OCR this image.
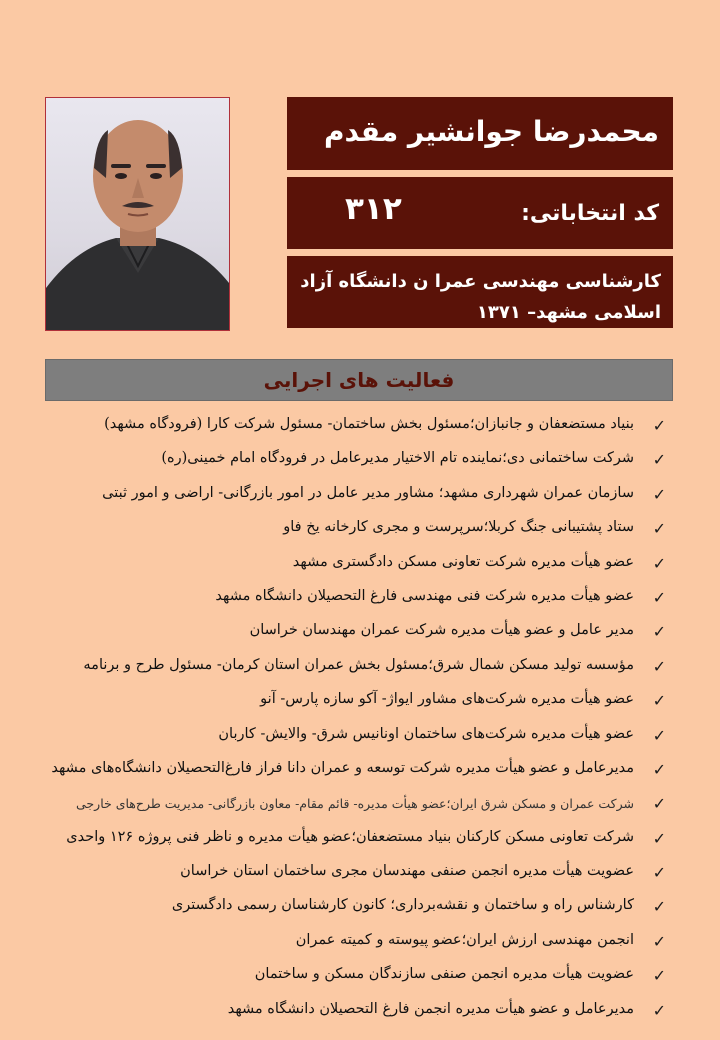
محمدرضا جوانشیر مقدم
کد انتخاباتی:
۳۱۲
کارشناسی مهندسی عمرا ن دانشگاه آزاد اسلامی مشهد– ۱۳۷۱
فعالیت های اجرایی
✓
بنیاد مستضعفان و جانبازان؛مسئول بخش ساختمان- مسئول شرکت کارا (فرودگاه مشهد)
✓
شرکت ساختمانی دی؛نماینده تام الاختیار مدیرعامل در فرودگاه امام خمینی(ره)
✓
سازمان عمران شهرداری مشهد؛ مشاور مدیر عامل در امور بازرگانی- اراضی و امور ثبتی
✓
ستاد پشتیبانی جنگ کربلا؛سرپرست و مجری کارخانه یخ فاو
✓
عضو هیأت مدیره شرکت تعاونی مسکن دادگستری مشهد
✓
عضو هیأت مدیره شرکت فنی مهندسی فارغ التحصیلان دانشگاه مشهد
✓
مدیر عامل و عضو هیأت مدیره شرکت عمران مهندسان خراسان
✓
مؤسسه تولید مسکن شمال شرق؛مسئول بخش عمران استان کرمان- مسئول طرح و برنامه
✓
عضو هیأت مدیره شرکت‌های مشاور ایواژ- آکو سازه پارس- آنو
✓
عضو هیأت مدیره شرکت‌های ساختمان اونانیس شرق- والایش- کاربان
✓
مدیرعامل و عضو هیأت مدیره شرکت توسعه و عمران دانا فراز فارغ‌التحصیلان دانشگاه‌های مشهد
✓
شرکت عمران و مسکن شرق ایران؛عضو هیأت مدیره- قائم مقام- معاون بازرگانی- مدیریت طرح‌های خارجی
✓
شرکت تعاونی مسکن کارکنان بنیاد مستضعفان؛عضو هیأت مدیره و ناظر فنی پروژه ۱۲۶ واحدی
✓
عضویت هیأت مدیره انجمن صنفی مهندسان مجری ساختمان استان خراسان
✓
کارشناس راه و ساختمان و نقشه‌برداری؛ کانون کارشناسان رسمی دادگستری
✓
انجمن مهندسی ارزش ایران؛عضو پیوسته و کمیته عمران
✓
عضویت هیأت مدیره انجمن صنفی سازندگان مسکن و ساختمان
✓
مدیرعامل و عضو هیأت مدیره انجمن فارغ التحصیلان دانشگاه مشهد
